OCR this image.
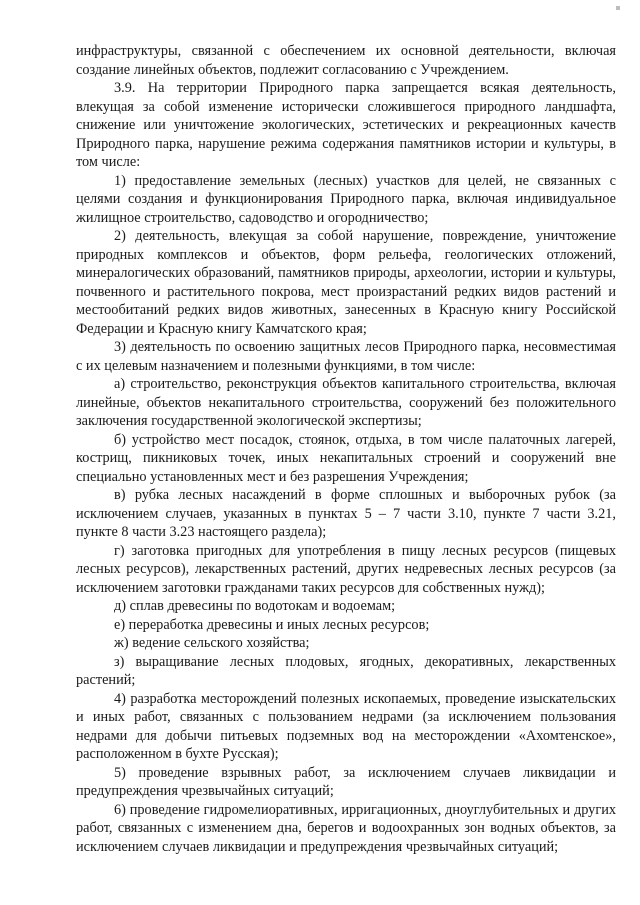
инфраструктуры, связанной с обеспечением их основной деятельности, включая создание линейных объектов, подлежит согласованию с Учреждением.

3.9. На территории Природного парка запрещается всякая деятельность, влекущая за собой изменение исторически сложившегося природного ландшафта, снижение или уничтожение экологических, эстетических и рекреационных качеств Природного парка, нарушение режима содержания памятников истории и культуры, в том числе:

1) предоставление земельных (лесных) участков для целей, не связанных с целями создания и функционирования Природного парка, включая индивидуальное жилищное строительство, садоводство и огородничество;

2) деятельность, влекущая за собой нарушение, повреждение, уничтожение природных комплексов и объектов, форм рельефа, геологических отложений, минералогических образований, памятников природы, археологии, истории и культуры, почвенного и растительного покрова, мест произрастаний редких видов растений и местообитаний редких видов животных, занесенных в Красную книгу Российской Федерации и Красную книгу Камчатского края;

3) деятельность по освоению защитных лесов Природного парка, несовместимая с их целевым назначением и полезными функциями, в том числе:

а) строительство, реконструкция объектов капитального строительства, включая линейные, объектов некапитального строительства, сооружений без положительного заключения государственной экологической экспертизы;

б) устройство мест посадок, стоянок, отдыха, в том числе палаточных лагерей, кострищ, пикниковых точек, иных некапитальных строений и сооружений вне специально установленных мест и без разрешения Учреждения;

в) рубка лесных насаждений в форме сплошных и выборочных рубок (за исключением случаев, указанных в пунктах 5 – 7 части 3.10, пункте 7 части 3.21, пункте 8 части 3.23 настоящего раздела);

г) заготовка пригодных для употребления в пищу лесных ресурсов (пищевых лесных ресурсов), лекарственных растений, других недревесных лесных ресурсов (за исключением заготовки гражданами таких ресурсов для собственных нужд);

д) сплав древесины по водотокам и водоемам;

е) переработка древесины и иных лесных ресурсов;

ж) ведение сельского хозяйства;

з) выращивание лесных плодовых, ягодных, декоративных, лекарственных растений;

4) разработка месторождений полезных ископаемых, проведение изыскательских и иных работ, связанных с пользованием недрами (за исключением пользования недрами для добычи питьевых подземных вод на месторождении «Ахомтенское», расположенном в бухте Русская);

5) проведение взрывных работ, за исключением случаев ликвидации и предупреждения чрезвычайных ситуаций;

6) проведение гидромелиоративных, ирригационных, дноуглубительных и других работ, связанных с изменением дна, берегов и водоохранных зон водных объектов, за исключением случаев ликвидации и предупреждения чрезвычайных ситуаций;
